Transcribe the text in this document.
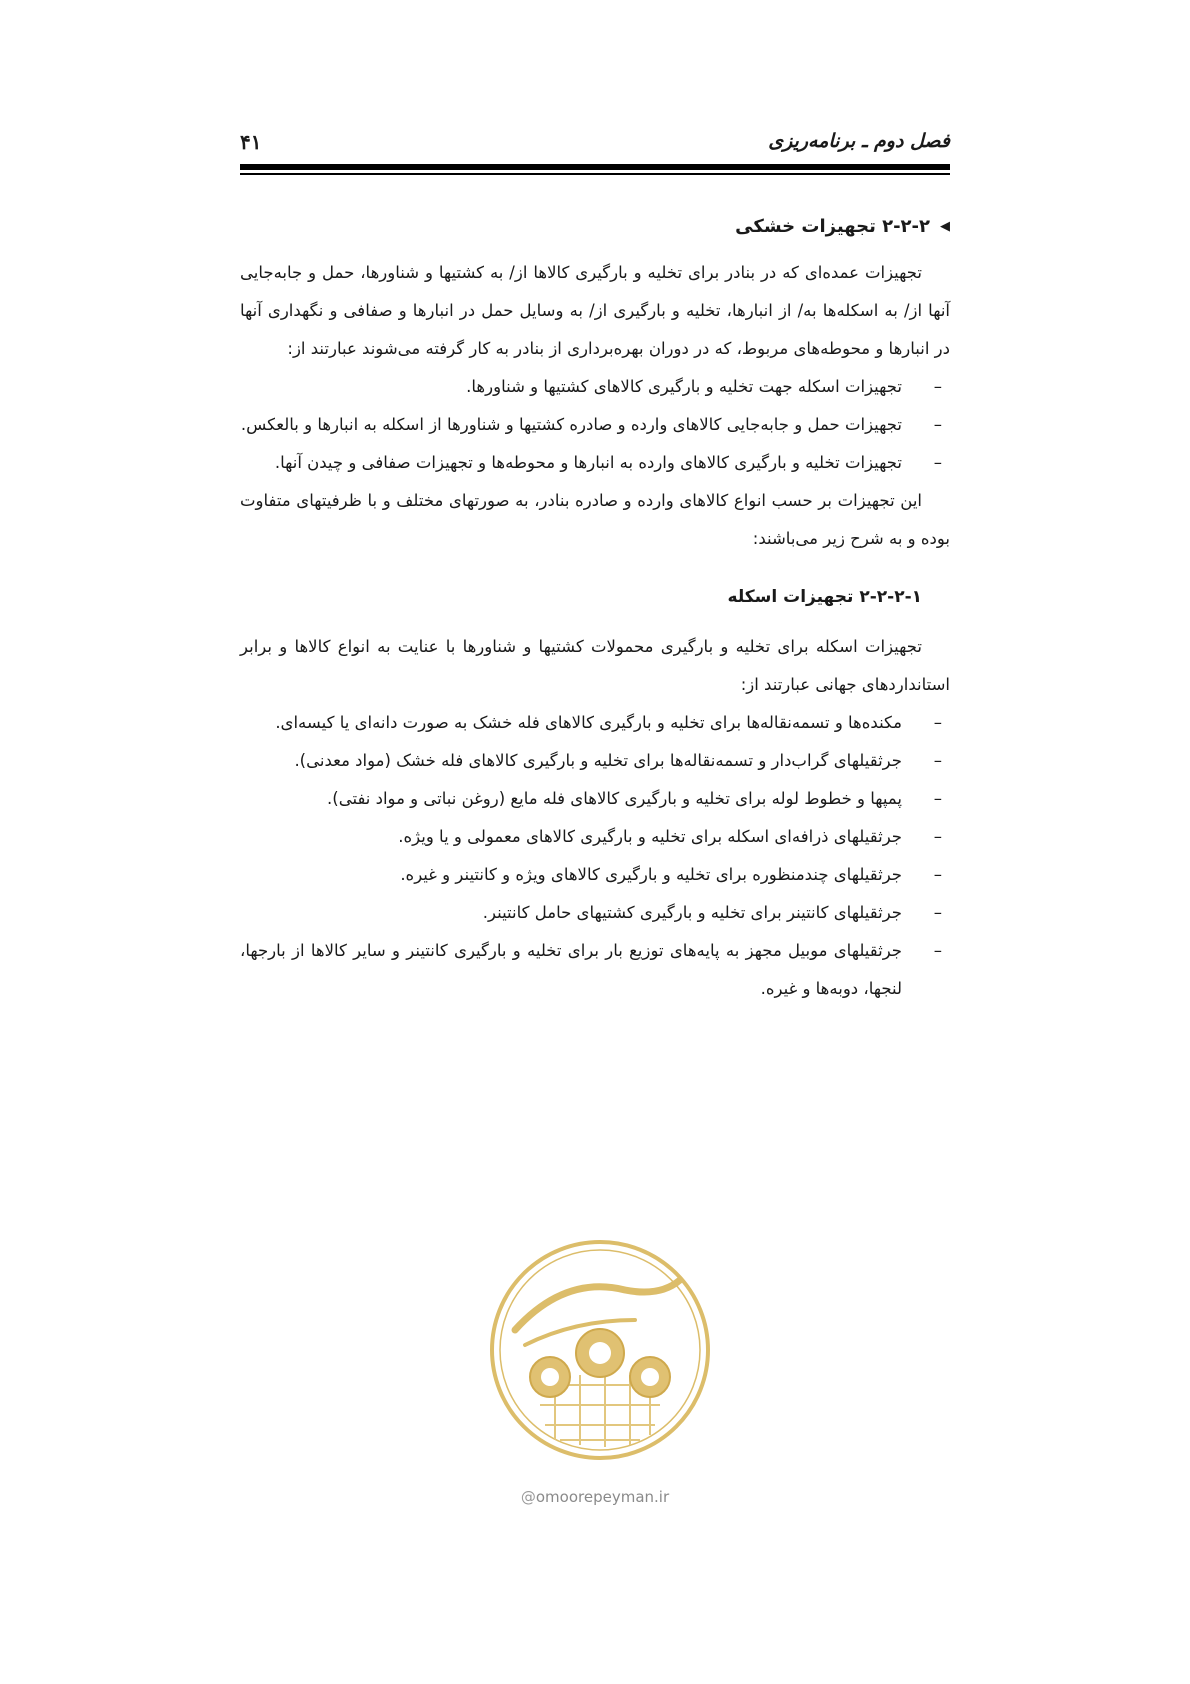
فصل دوم ـ برنامه‌ریزی
۴۱
◀
۲-۲-۲ تجهیزات خشکی

تجهیزات عمده‌ای که در بنادر برای تخلیه و بارگیری کالاها از/ به کشتیها و شناورها، حمل و جابه‌جایی آنها از/ به اسکله‌ها به/ از انبارها، تخلیه و بارگیری از/ به وسایل حمل در انبارها و صفافی و نگهداری آنها در انبارها و محوطه‌های مربوط، که در دوران بهره‌برداری از بنادر به کار گرفته می‌شوند عبارتند از:

–
تجهیزات اسکله جهت تخلیه و بارگیری کالاهای کشتیها و شناورها.
–
تجهیزات حمل و جابه‌جایی کالاهای وارده و صادره کشتیها و شناورها از اسکله به انبارها و بالعکس.
–
تجهیزات تخلیه و بارگیری کالاهای وارده به انبارها و محوطه‌ها و تجهیزات صفافی و چیدن آنها.

این تجهیزات بر حسب انواع کالاهای وارده و صادره بنادر، به صورتهای مختلف و با ظرفیتهای متفاوت بوده و به شرح زیر می‌باشند:

۲-۲-۲-۱ تجهیزات اسکله

تجهیزات اسکله برای تخلیه و بارگیری محمولات کشتیها و شناورها با عنایت به انواع کالاها و برابر استانداردهای جهانی عبارتند از:

–
مکنده‌ها و تسمه‌نقاله‌ها برای تخلیه و بارگیری کالاهای فله خشک به صورت دانه‌ای یا کیسه‌ای.
–
جرثقیلهای گراب‌دار و تسمه‌نقاله‌ها برای تخلیه و بارگیری کالاهای فله خشک (مواد معدنی).
–
پمپها و خطوط لوله برای تخلیه و بارگیری کالاهای فله مایع (روغن نباتی و مواد نفتی).
–
جرثقیلهای ذرافه‌ای اسکله برای تخلیه و بارگیری کالاهای معمولی و یا ویژه.
–
جرثقیلهای چندمنظوره برای تخلیه و بارگیری کالاهای ویژه و کانتینر و غیره.
–
جرثقیلهای کانتینر برای تخلیه و بارگیری کشتیهای حامل کانتینر.
–
جرثقیلهای موبیل مجهز به پایه‌های توزیع بار برای تخلیه و بارگیری کانتینر و سایر کالاها از بارجها، لنجها، دوبه‌ها و غیره.
@omoorepeyman.ir
